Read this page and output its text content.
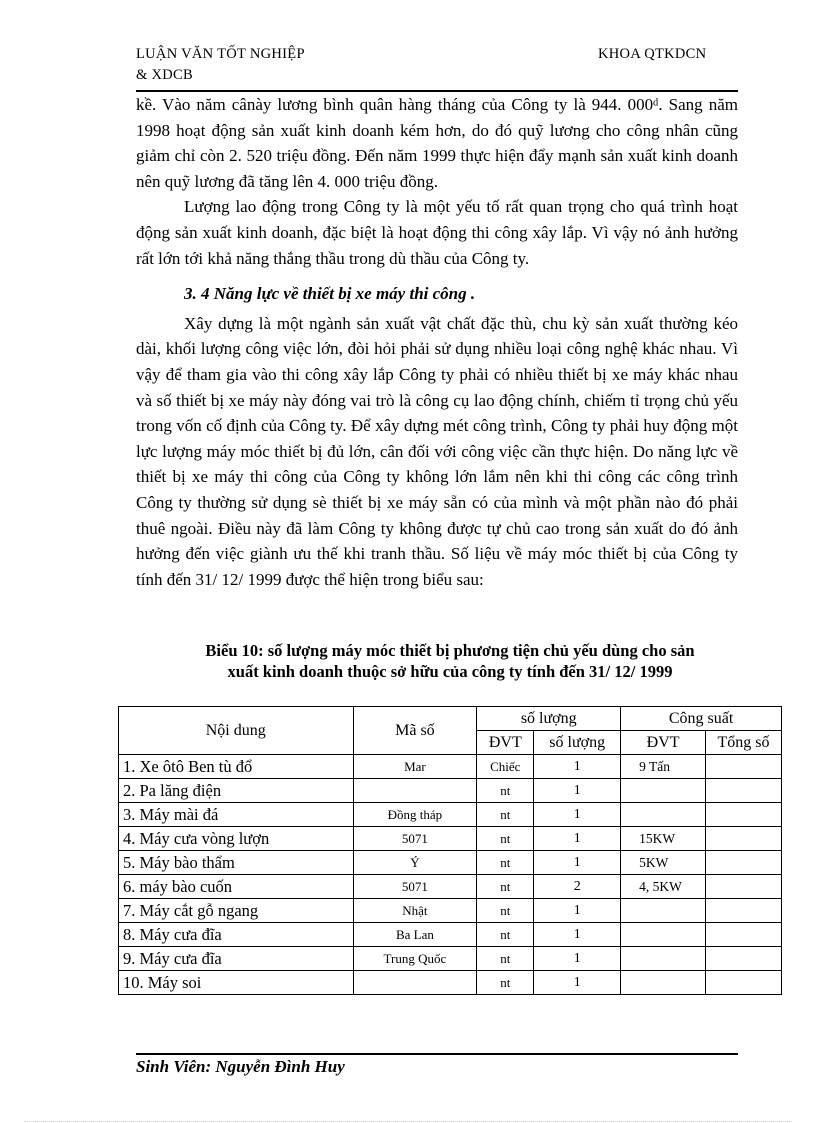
LUẬN VĂN TỐT NGHIỆP
& XDCB
KHOA QTKDCN

kề. Vào năm cânày lương bình quân hàng tháng của Công ty là 944. 000ᵈ. Sang năm 1998 hoạt động sản xuất kinh doanh kém hơn, do đó quỹ lương cho công nhân cũng giảm chỉ còn 2. 520 triệu đồng. Đến năm 1999 thực hiện đẩy mạnh sản xuất kinh doanh nên quỹ lương đã tăng lên 4. 000 triệu đồng.

Lượng lao động trong Công ty là một yếu tố rất quan trọng cho quá trình hoạt động sản xuất kinh doanh, đặc biệt là hoạt động thi công xây lắp. Vì vậy nó ảnh hưởng rất lớn tới khả năng thắng thầu trong dù thầu của Công ty.

3. 4 Năng lực về thiết bị xe máy thi công .

Xây dựng là một ngành sản xuất vật chất đặc thù, chu kỳ sản xuất thường kéo dài, khối lượng công việc lớn, đòi hỏi phải sử dụng nhiều loại công nghệ khác nhau. Vì vậy để tham gia vào thi công xây lắp Công ty phải có nhiều thiết bị xe máy khác nhau và số thiết bị xe máy này đóng vai trò là công cụ lao động chính, chiếm tỉ trọng chủ yếu trong vốn cố định của Công ty. Để xây dựng mét công trình, Công ty phải huy động một lực lượng máy móc thiết bị đủ lớn, cân đối với công việc cần thực hiện. Do năng lực về thiết bị xe máy thi công của Công ty không lớn lắm nên khi thi công các công trình Công ty thường sử dụng sè thiết bị xe máy sẵn có của mình và một phần nào đó phải thuê ngoài. Điều này đã làm Công ty không được tự chủ cao trong sản xuất do đó ảnh hưởng đến việc giành ưu thế khi tranh thầu. Số liệu về máy móc thiết bị của Công ty tính đến 31/ 12/ 1999 được thể hiện trong biểu sau:

Biểu 10: số lượng máy móc thiết bị phương tiện chủ yếu dùng cho sản
xuất kinh doanh thuộc sở hữu của công ty tính đến 31/ 12/ 1999
Nội dung	Mã số	số lượng		Công suất	
		ĐVT	số lượng	ĐVT	Tổng số
1. Xe ôtô Ben tù đổ	Mar	Chiếc	1	9 Tấn	
2. Pa lăng điện		nt	1		
3. Máy mài đá	Đồng tháp	nt	1		
4. Máy cưa vòng lượn	5071	nt	1	15KW	
5. Máy bào thẩm	Ý	nt	1	5KW	
6. máy bào cuốn	5071	nt	2	4, 5KW	
7. Máy cắt gỗ ngang	Nhật	nt	1		
8. Máy cưa đĩa	Ba Lan	nt	1		
9. Máy cưa đĩa	Trung Quốc	nt	1		
10. Máy soi		nt	1		
Sinh Viên: Nguyễn Đình Huy
